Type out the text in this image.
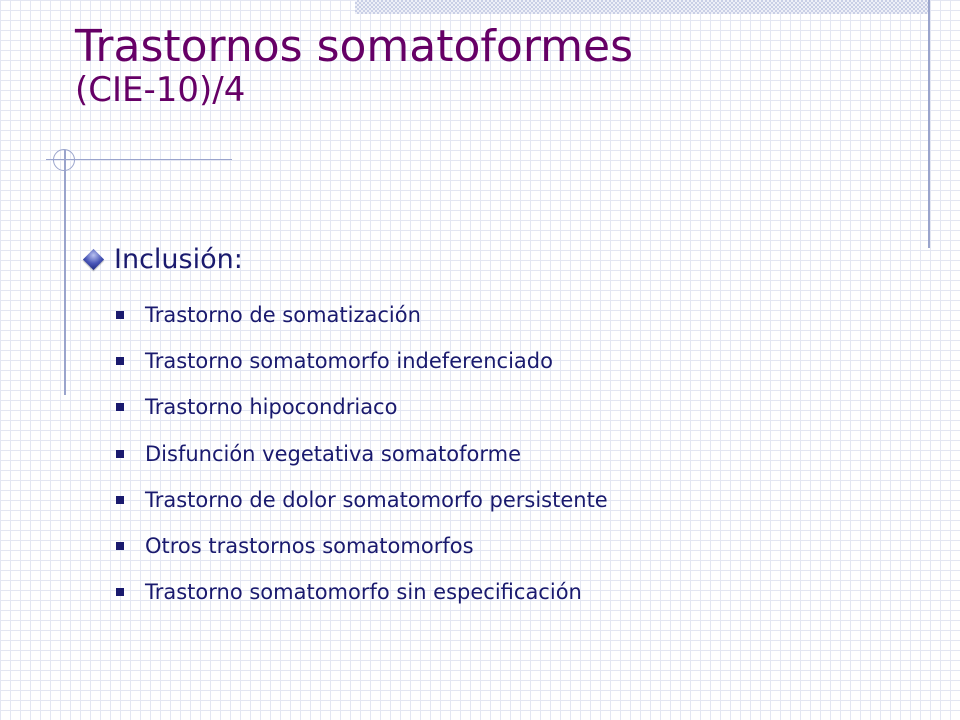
Trastornos somatoformes
(CIE-10)/4
Inclusión:
Trastorno de somatización
Trastorno somatomorfo indeferenciado
Trastorno hipocondriaco
Disfunción vegetativa somatoforme
Trastorno de dolor somatomorfo persistente
Otros trastornos somatomorfos
Trastorno somatomorfo sin especificación
